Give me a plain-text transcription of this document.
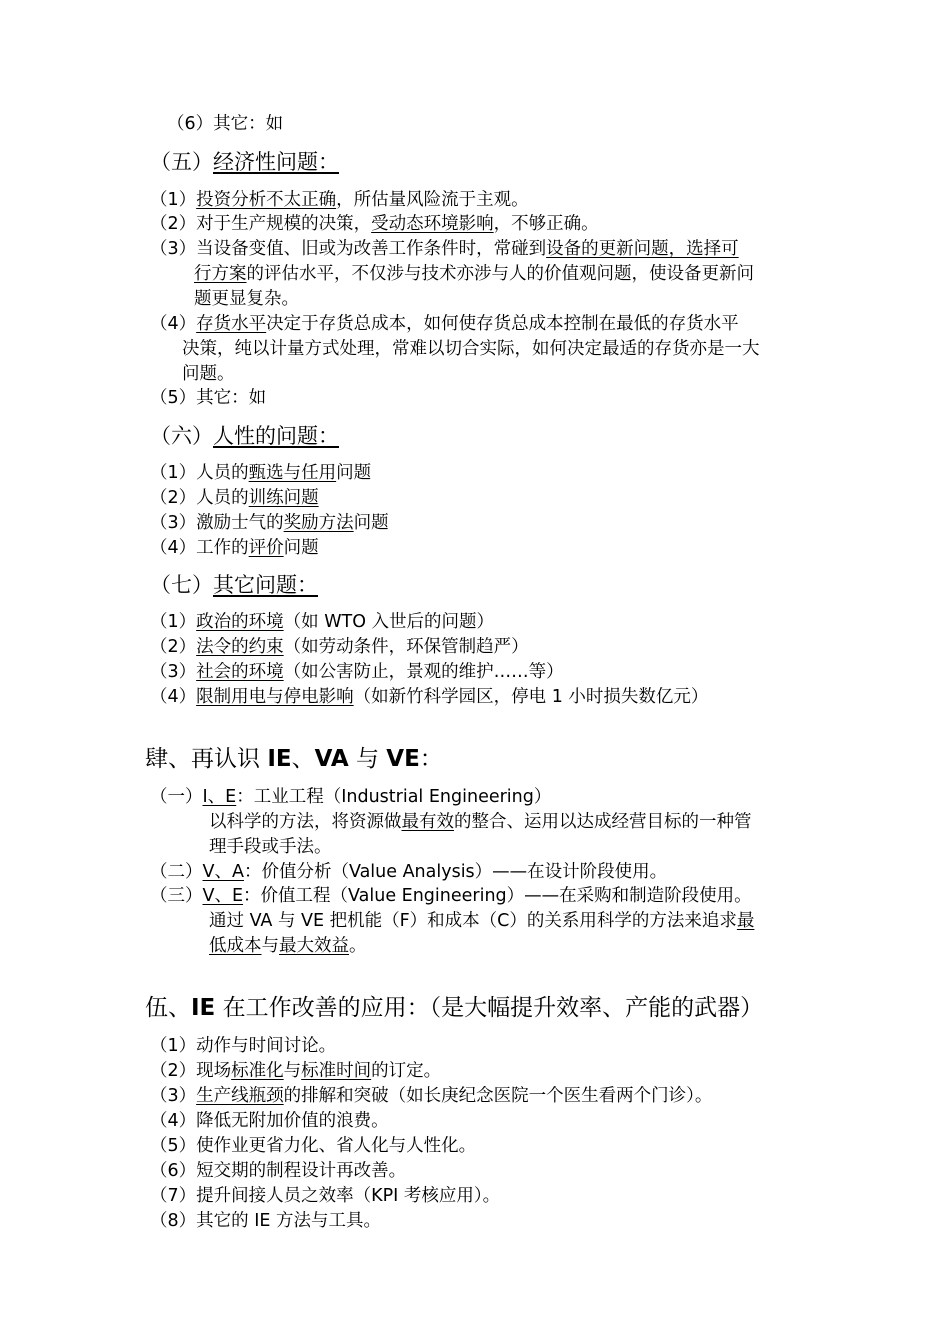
（6）其它：如
（五）经济性问题：
（1）投资分析不太正确，所估量风险流于主观。
（2）对于生产规模的决策，受动态环境影响，不够正确。
（3）当设备变值、旧或为改善工作条件时，常碰到设备的更新问题，选择可
行方案的评估水平，不仅涉与技术亦涉与人的价值观问题，使设备更新问
题更显复杂。
（4）存货水平决定于存货总成本，如何使存货总成本控制在最低的存货水平
决策，纯以计量方式处理，常难以切合实际，如何决定最适的存货亦是一大
问题。
（5）其它：如
（六）人性的问题：
（1）人员的甄选与任用问题
（2）人员的训练问题
（3）激励士气的奖励方法问题
（4）工作的评价问题
（七）其它问题：
（1）政治的环境（如 WTO 入世后的问题）
（2）法令的约束（如劳动条件，环保管制趋严）
（3）社会的环境（如公害防止，景观的维护……等）
（4）限制用电与停电影响（如新竹科学园区，停电 1 小时损失数亿元）
肆、再认识 IE、VA 与 VE：
（一）I、E：工业工程（Industrial Engineering）
以科学的方法，将资源做最有效的整合、运用以达成经营目标的一种管
理手段或手法。
（二）V、A：价值分析（Value Analysis）——在设计阶段使用。
（三）V、E：价值工程（Value Engineering）——在采购和制造阶段使用。
通过 VA 与 VE 把机能（F）和成本（C）的关系用科学的方法来追求最
低成本与最大效益。
伍、IE 在工作改善的应用：（是大幅提升效率、产能的武器）
（1）动作与时间讨论。
（2）现场标准化与标准时间的订定。
（3）生产线瓶颈的排解和突破（如长庚纪念医院一个医生看两个门诊）。
（4）降低无附加价值的浪费。
（5）使作业更省力化、省人化与人性化。
（6）短交期的制程设计再改善。
（7）提升间接人员之效率（KPI 考核应用）。
（8）其它的 IE 方法与工具。
